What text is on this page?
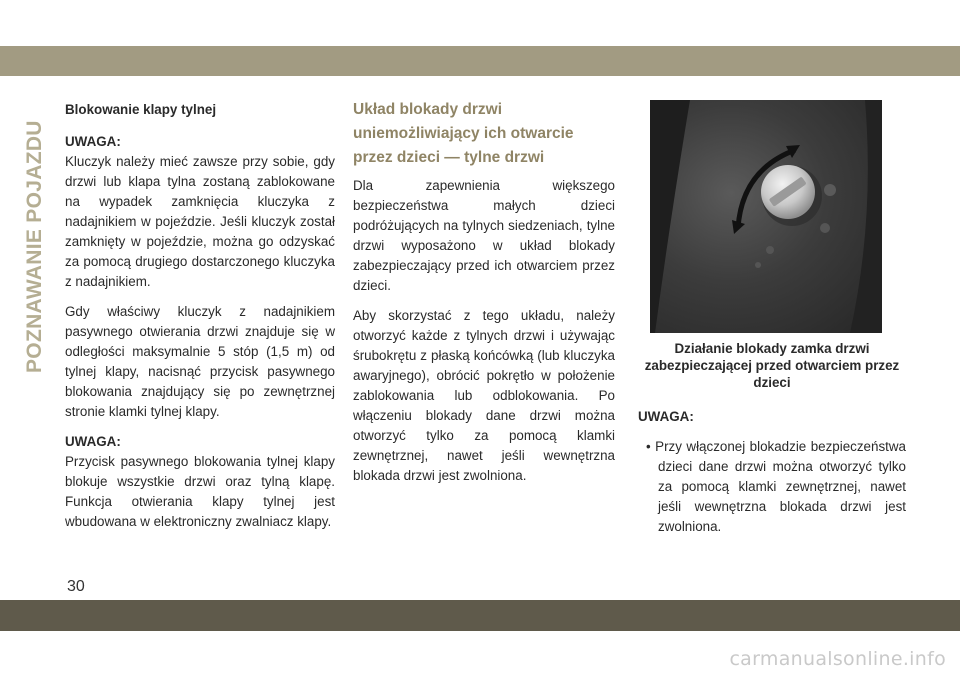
POZNAWANIE POJAZDU
Blokowanie klapy tylnej

UWAGA:
Kluczyk należy mieć zawsze przy sobie, gdy drzwi lub klapa tylna zostaną zablokowane na wypadek zamknięcia kluczyka z nadajnikiem w pojeździe. Jeśli kluczyk został zamknięty w pojeździe, można go odzyskać za pomocą drugiego dostarczonego kluczyka z nadajnikiem.

Gdy właściwy kluczyk z nadajnikiem pasywnego otwierania drzwi znajduje się w odległości maksymalnie 5 stóp (1,5 m) od tylnej klapy, nacisnąć przycisk pasywnego blokowania znajdujący się po zewnętrznej stronie klamki tylnej klapy.

UWAGA:
Przycisk pasywnego blokowania tylnej klapy blokuje wszystkie drzwi oraz tylną klapę. Funkcja otwierania klapy tylnej jest wbudowana w elektroniczny zwalniacz klapy.

Układ blokady drzwi uniemożliwiający ich otwarcie przez dzieci — tylne drzwi

Dla zapewnienia większego bezpieczeństwa małych dzieci podróżujących na tylnych siedzeniach, tylne drzwi wyposażono w układ blokady zabezpieczający przed ich otwarciem przez dzieci.

Aby skorzystać z tego układu, należy otworzyć każde z tylnych drzwi i używając śrubokrętu z płaską końcówką (lub kluczyka awaryjnego), obrócić pokrętło w położenie zablokowania lub odblokowania. Po włączeniu blokady dane drzwi można otworzyć tylko za pomocą klamki zewnętrznej, nawet jeśli wewnętrzna blokada drzwi jest zwolniona.

Działanie blokady zamka drzwi zabezpieczającej przed otwarciem przez dzieci
UWAGA:

• Przy włączonej blokadzie bezpieczeństwa dzieci dane drzwi można otworzyć tylko za pomocą klamki zewnętrznej, nawet jeśli wewnętrzna blokada drzwi jest zwolniona.

30
carmanualsonline.info
